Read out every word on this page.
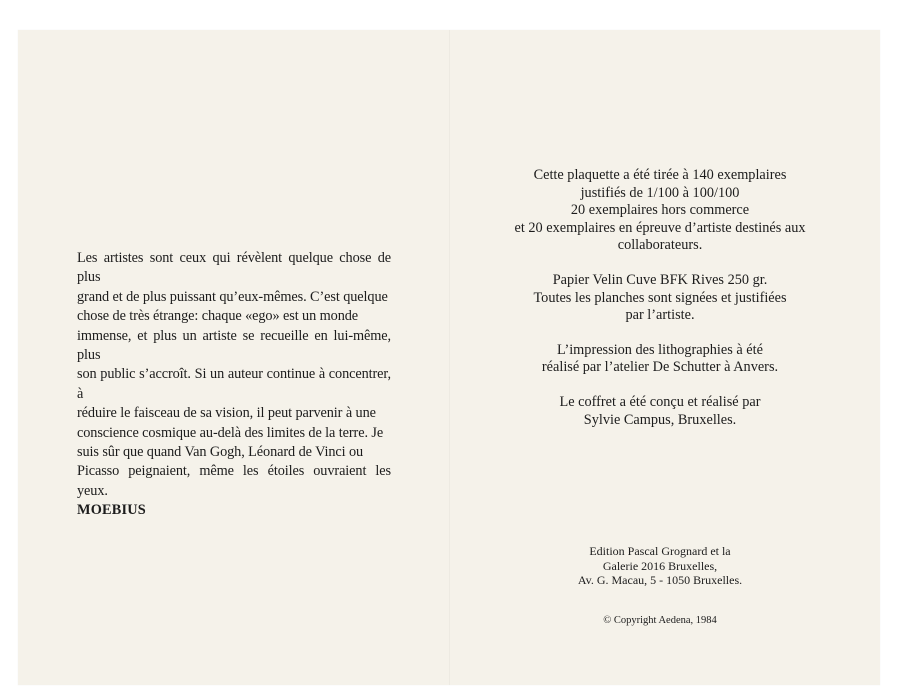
Les artistes sont ceux qui révèlent quelque chose de plus
grand et de plus puissant qu’eux-mêmes. C’est quelque
chose de très étrange: chaque «ego» est un monde
immense, et plus un artiste se recueille en lui-même, plus
son public s’accroît. Si un auteur continue à concentrer, à
réduire le faisceau de sa vision, il peut parvenir à une
conscience cosmique au-delà des limites de la terre. Je
suis sûr que quand Van Gogh, Léonard de Vinci ou
Picasso peignaient, même les étoiles ouvraient les yeux.
MOEBIUS

Cette plaquette a été tirée à 140 exemplaires
justifiés de 1/100 à 100/100
20 exemplaires hors commerce
et 20 exemplaires en épreuve d’artiste destinés aux
collaborateurs.

Papier Velin Cuve BFK Rives 250 gr.
Toutes les planches sont signées et justifiées
par l’artiste.

L’impression des lithographies à été
réalisé par l’atelier De Schutter à Anvers.

Le coffret a été conçu et réalisé par
Sylvie Campus, Bruxelles.

Edition Pascal Grognard et la
Galerie 2016 Bruxelles,
Av. G. Macau, 5 - 1050 Bruxelles.
© Copyright Aedena, 1984
